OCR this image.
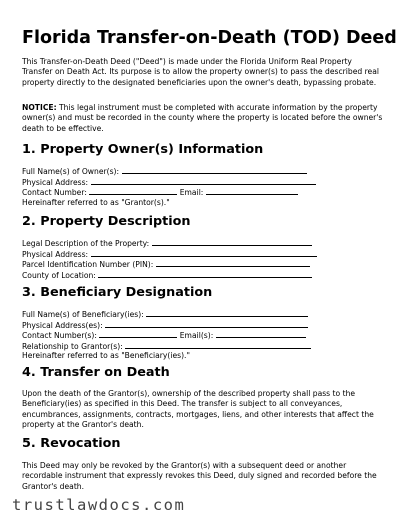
Florida Transfer-on-Death (TOD) Deed

This Transfer-on-Death Deed ("Deed") is made under the Florida Uniform Real Property Transfer on Death Act. Its purpose is to allow the property owner(s) to pass the described real property directly to the designated beneficiaries upon the owner's death, bypassing probate.

NOTICE: This legal instrument must be completed with accurate information by the property owner(s) and must be recorded in the county where the property is located before the owner's death to be effective.

1. Property Owner(s) Information
Full Name(s) of Owner(s):
Physical Address:
Contact Number:	Email:
Hereinafter referred to as "Grantor(s)."
2. Property Description
Legal Description of the Property:
Physical Address:
Parcel Identification Number (PIN):
County of Location:
3. Beneficiary Designation
Full Name(s) of Beneficiary(ies):
Physical Address(es):
Contact Number(s):	Email(s):
Relationship to Grantor(s):
Hereinafter referred to as "Beneficiary(ies)."
4. Transfer on Death

Upon the death of the Grantor(s), ownership of the described property shall pass to the Beneficiary(ies) as specified in this Deed. The transfer is subject to all conveyances, encumbrances, assignments, contracts, mortgages, liens, and other interests that affect the property at the Grantor's death.

5. Revocation

This Deed may only be revoked by the Grantor(s) with a subsequent deed or another recordable instrument that expressly revokes this Deed, duly signed and recorded before the Grantor's death.

trustlawdocs.com
